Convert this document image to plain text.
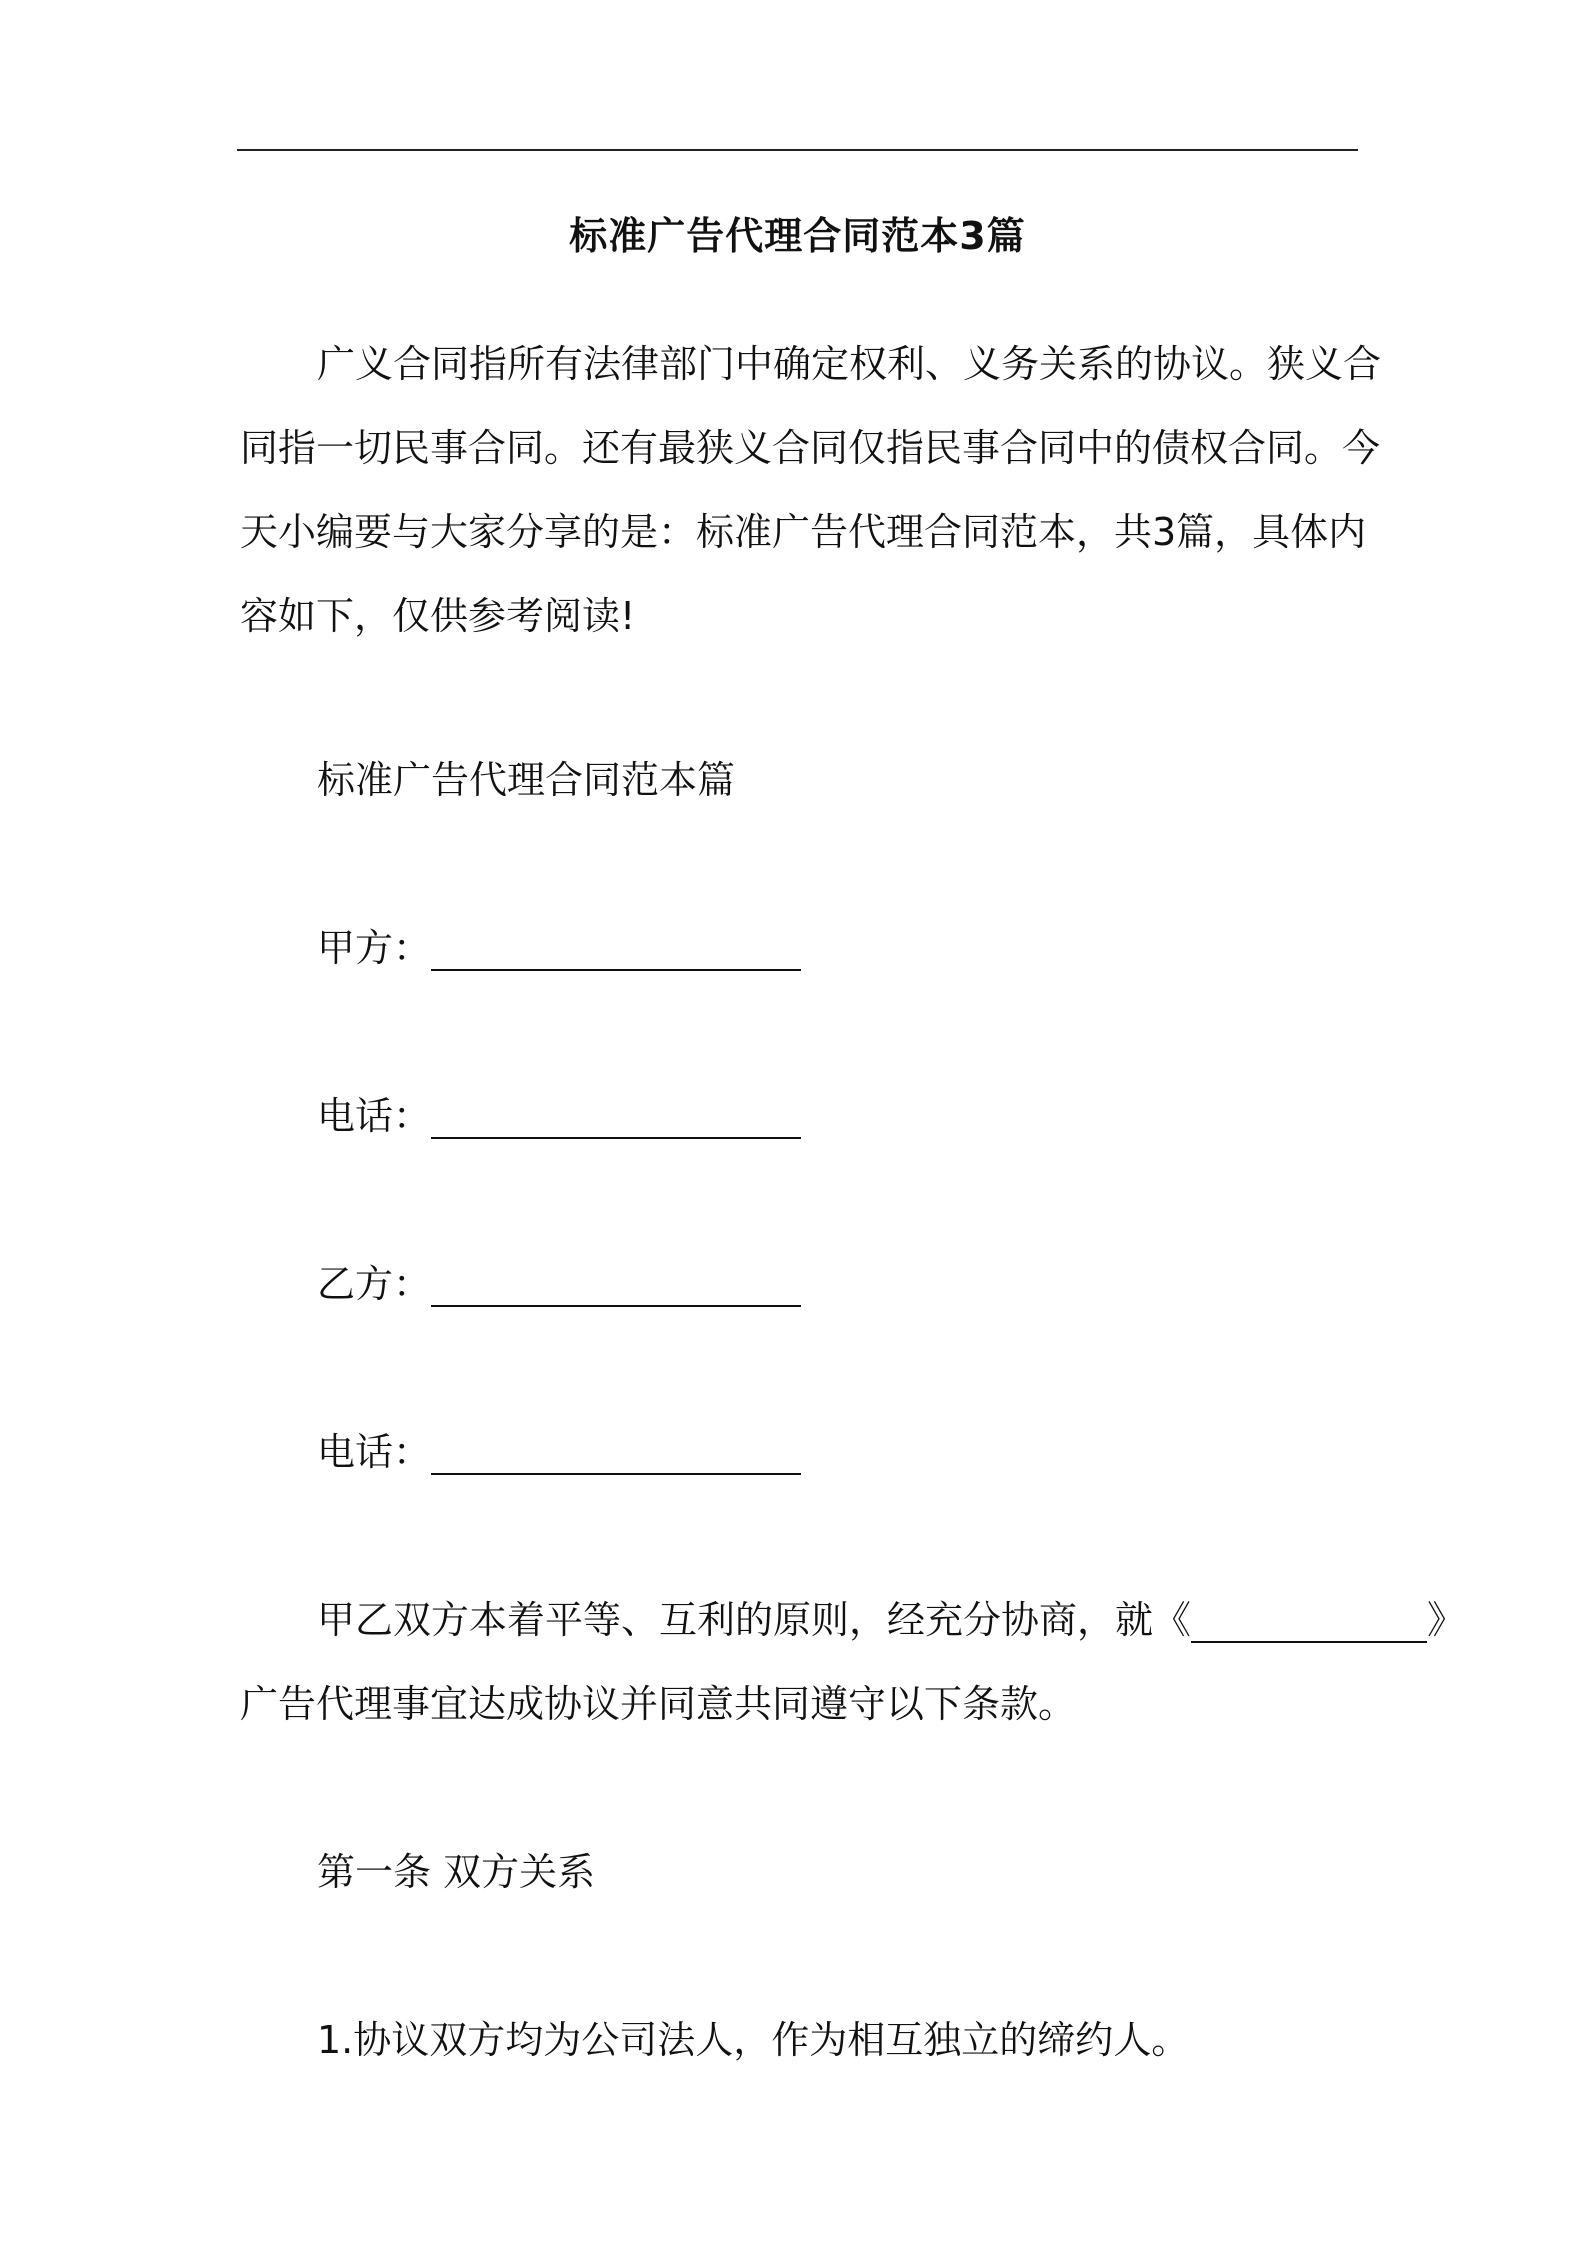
标准广告代理合同范本3篇
广义合同指所有法律部门中确定权利、义务关系的协议。狭义合
同指一切民事合同。还有最狭义合同仅指民事合同中的债权合同。今
天小编要与大家分享的是：标准广告代理合同范本，共3篇，具体内
容如下，仅供参考阅读!
标准广告代理合同范本篇
甲方：
电话：
乙方：
电话：
甲乙双方本着平等、互利的原则，经充分协商，就《	》
广告代理事宜达成协议并同意共同遵守以下条款。
第一条 双方关系
1.协议双方均为公司法人，作为相互独立的缔约人。
